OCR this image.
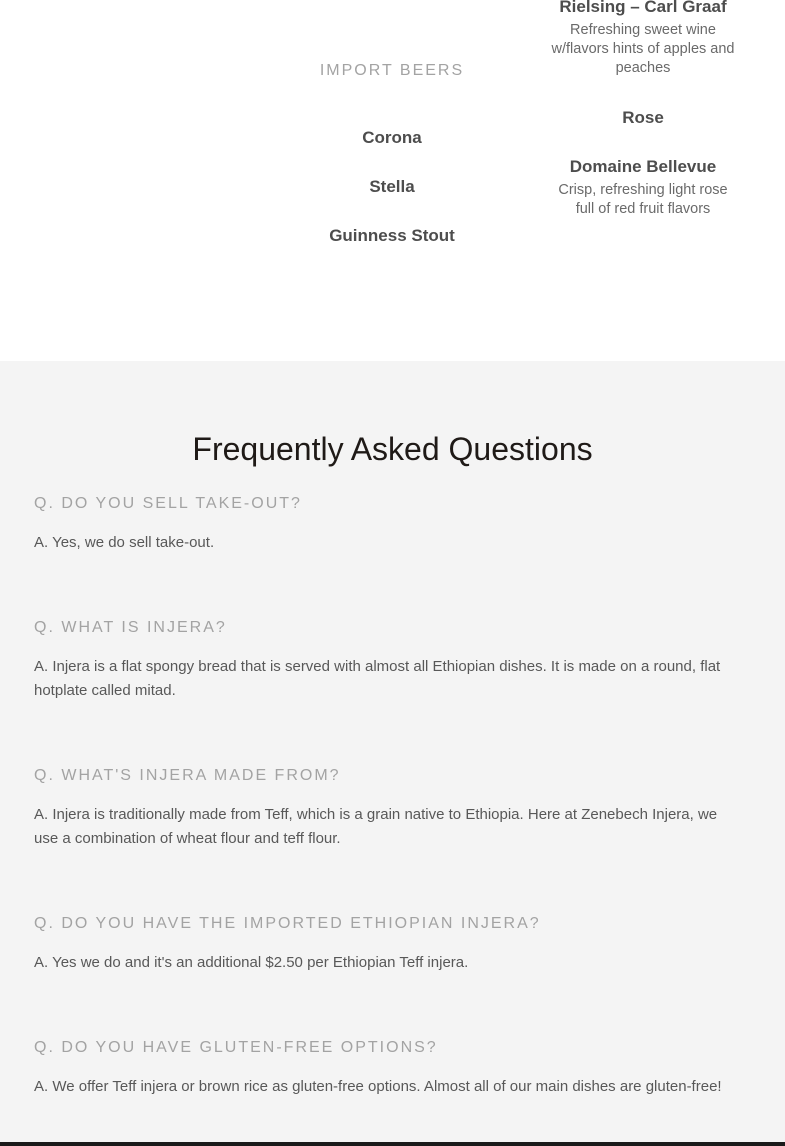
IMPORT BEERS
Corona
Stella
Guinness Stout
Rielsing – Carl Graaf
Refreshing sweet wine
w/flavors hints of apples and
peaches
Rose
Domaine Bellevue
Crisp, refreshing light rose
full of red fruit flavors
Frequently Asked Questions
Q. DO YOU SELL TAKE-OUT?
A. Yes, we do sell take-out.
Q. WHAT IS INJERA?
A. Injera is a flat spongy bread that is served with almost all Ethiopian dishes. It is made on a round, flat hotplate called mitad.
Q. WHAT'S INJERA MADE FROM?
A. Injera is traditionally made from Teff, which is a grain native to Ethiopia. Here at Zenebech Injera, we use a combination of wheat flour and teff flour.
Q. DO YOU HAVE THE IMPORTED ETHIOPIAN INJERA?
A. Yes we do and it's an additional $2.50 per Ethiopian Teff injera.
Q. DO YOU HAVE GLUTEN-FREE OPTIONS?
A. We offer Teff injera or brown rice as gluten-free options. Almost all of our main dishes are gluten-free!
